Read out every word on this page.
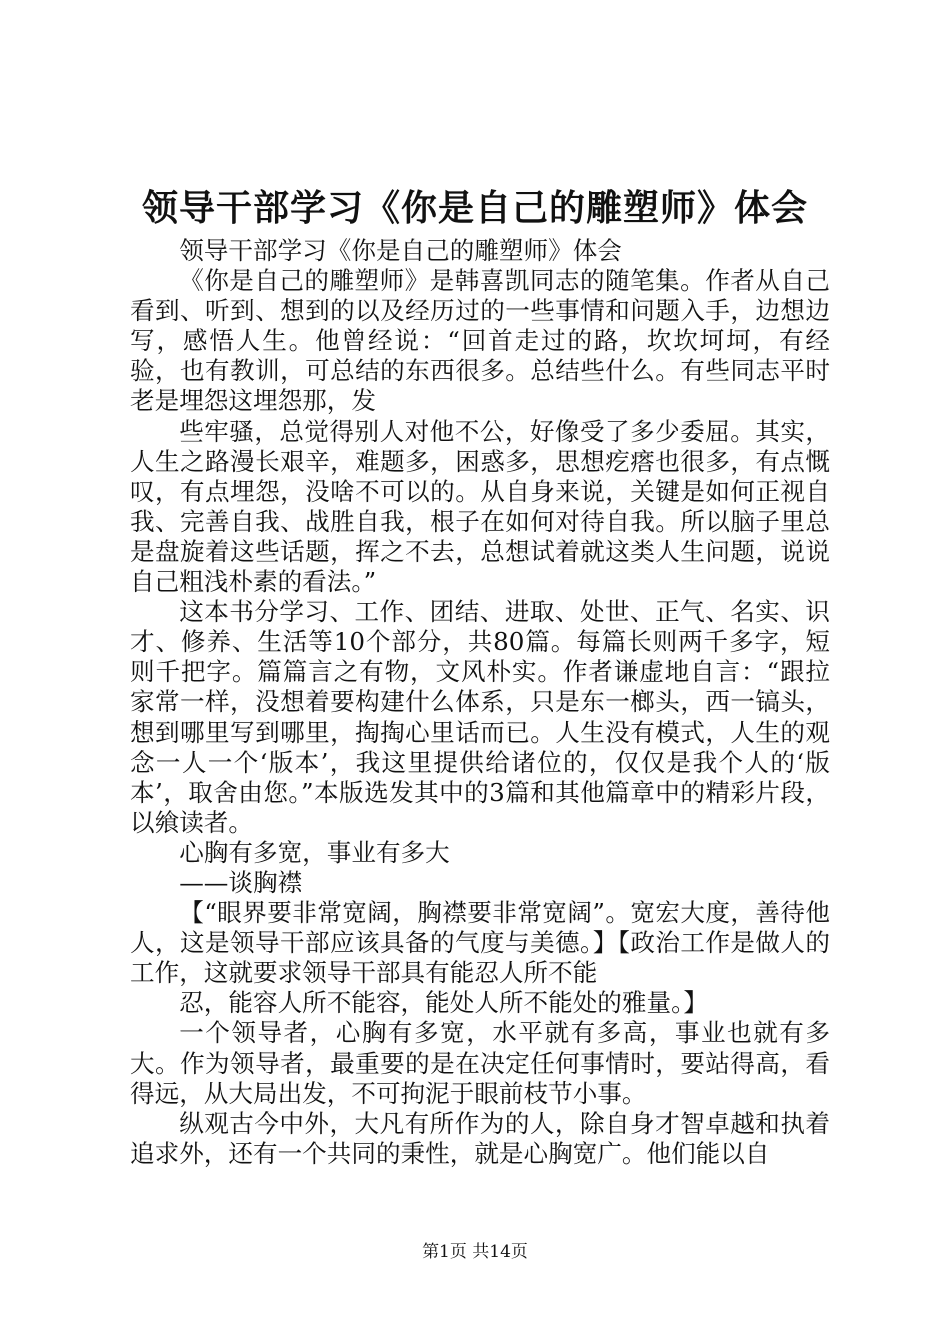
领导干部学习《你是自己的雕塑师》体会

领导干部学习《你是自己的雕塑师》体会

《你是自己的雕塑师》是韩喜凯同志的随笔集。作者从自己看到、听到、想到的以及经历过的一些事情和问题入手，边想边写，感悟人生。他曾经说：“回首走过的路，坎坎坷坷，有经验，也有教训，可总结的东西很多。总结些什么。有些同志平时老是埋怨这埋怨那，发

些牢骚，总觉得别人对他不公，好像受了多少委屈。其实，人生之路漫长艰辛，难题多，困惑多，思想疙瘩也很多，有点慨叹，有点埋怨，没啥不可以的。从自身来说，关键是如何正视自我、完善自我、战胜自我，根子在如何对待自我。所以脑子里总是盘旋着这些话题，挥之不去，总想试着就这类人生问题，说说自己粗浅朴素的看法。”

这本书分学习、工作、团结、进取、处世、正气、名实、识才、修养、生活等10个部分，共80篇。每篇长则两千多字，短则千把字。篇篇言之有物，文风朴实。作者谦虚地自言：“跟拉家常一样，没想着要构建什么体系，只是东一榔头，西一镐头，想到哪里写到哪里，掏掏心里话而已。人生没有模式，人生的观念一人一个‘版本’，我这里提供给诸位的，仅仅是我个人的‘版本’，取舍由您。”本版选发其中的3篇和其他篇章中的精彩片段，以飨读者。

心胸有多宽，事业有多大

——谈胸襟

【“眼界要非常宽阔，胸襟要非常宽阔”。宽宏大度，善待他人，这是领导干部应该具备的气度与美德。】【政治工作是做人的工作，这就要求领导干部具有能忍人所不能

忍，能容人所不能容，能处人所不能处的雅量。】

一个领导者，心胸有多宽，水平就有多高，事业也就有多大。作为领导者，最重要的是在决定任何事情时，要站得高，看得远，从大局出发，不可拘泥于眼前枝节小事。

纵观古今中外，大凡有所作为的人，除自身才智卓越和执着追求外，还有一个共同的秉性，就是心胸宽广。他们能以自

第1页 共14页
